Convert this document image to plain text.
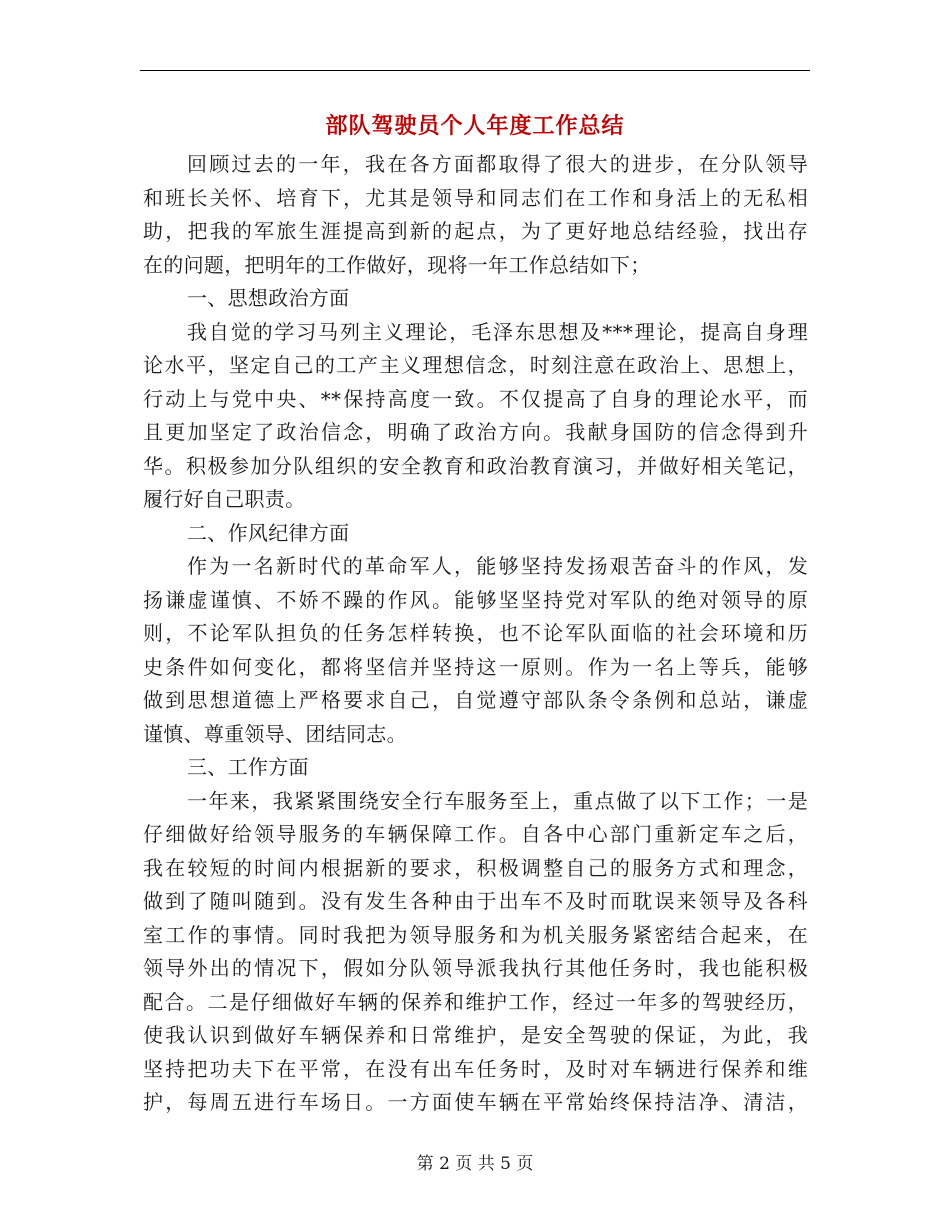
部队驾驶员个人年度工作总结
回顾过去的一年，我在各方面都取得了很大的进步，在分队领导
和班长关怀、培育下，尤其是领导和同志们在工作和身活上的无私相
助，把我的军旅生涯提高到新的起点，为了更好地总结经验，找出存
在的问题，把明年的工作做好，现将一年工作总结如下；
一、思想政治方面
我自觉的学习马列主义理论，毛泽东思想及***理论，提高自身理
论水平，坚定自己的工产主义理想信念，时刻注意在政治上、思想上，
行动上与党中央、**保持高度一致。不仅提高了自身的理论水平，而
且更加坚定了政治信念，明确了政治方向。我献身国防的信念得到升
华。积极参加分队组织的安全教育和政治教育演习，并做好相关笔记，
履行好自己职责。
二、作风纪律方面
作为一名新时代的革命军人，能够坚持发扬艰苦奋斗的作风，发
扬谦虚谨慎、不娇不躁的作风。能够坚坚持党对军队的绝对领导的原
则，不论军队担负的任务怎样转换，也不论军队面临的社会环境和历
史条件如何变化，都将坚信并坚持这一原则。作为一名上等兵，能够
做到思想道德上严格要求自己，自觉遵守部队条令条例和总站，谦虚
谨慎、尊重领导、团结同志。
三、工作方面
一年来，我紧紧围绕安全行车服务至上，重点做了以下工作；一是
仔细做好给领导服务的车辆保障工作。自各中心部门重新定车之后，
我在较短的时间内根据新的要求，积极调整自己的服务方式和理念，
做到了随叫随到。没有发生各种由于出车不及时而耽误来领导及各科
室工作的事情。同时我把为领导服务和为机关服务紧密结合起来，在
领导外出的情况下，假如分队领导派我执行其他任务时，我也能积极
配合。二是仔细做好车辆的保养和维护工作，经过一年多的驾驶经历，
使我认识到做好车辆保养和日常维护，是安全驾驶的保证，为此，我
坚持把功夫下在平常，在没有出车任务时，及时对车辆进行保养和维
护，每周五进行车场日。一方面使车辆在平常始终保持洁净、清洁，
第 2 页 共 5 页
